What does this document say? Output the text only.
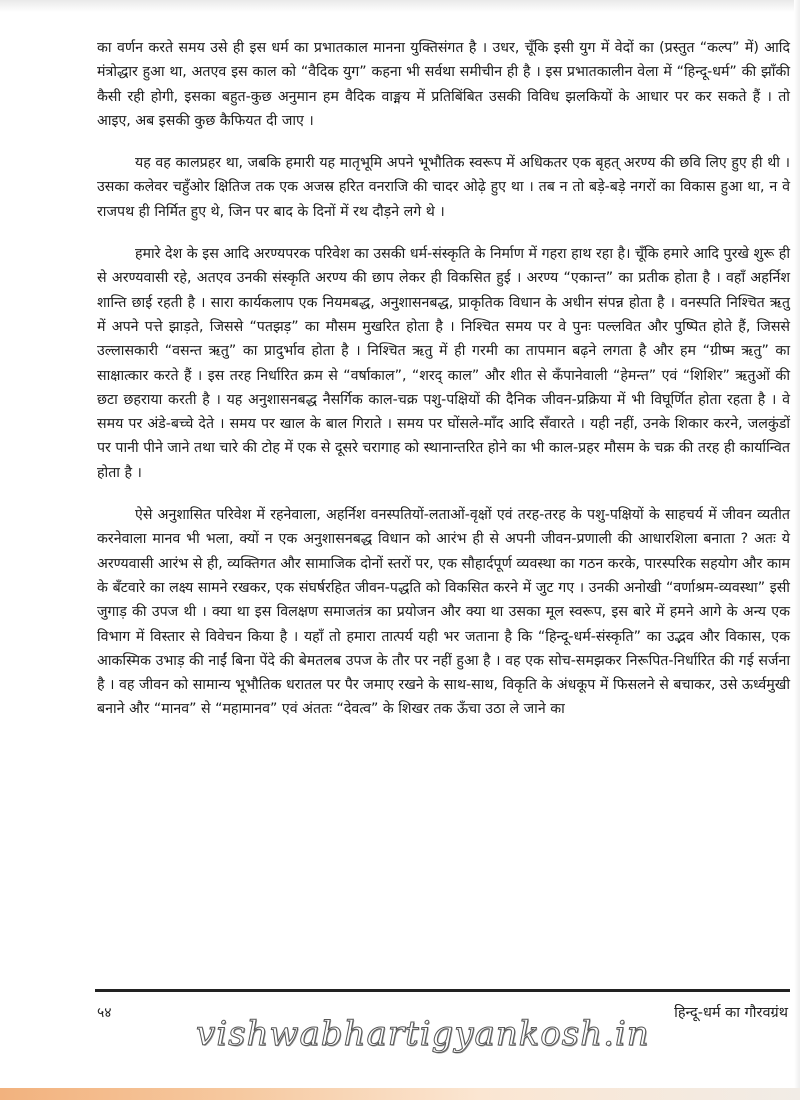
का वर्णन करते समय उसे ही इस धर्म का प्रभातकाल मानना युक्तिसंगत है । उधर, चूँकि इसी युग में वेदों का (प्रस्तुत “कल्प” में) आदि मंत्रोद्धार हुआ था, अतएव इस काल को “वैदिक युग” कहना भी सर्वथा समीचीन ही है । इस प्रभातकालीन वेला में “हिन्दू-धर्म” की झाँकी कैसी रही होगी, इसका बहुत-कुछ अनुमान हम वैदिक वाङ्मय में प्रतिबिंबित उसकी विविध झलकियों के आधार पर कर सकते हैं । तो आइए, अब इसकी कुछ कैफियत दी जाए ।

यह वह कालप्रहर था, जबकि हमारी यह मातृभूमि अपने भूभौतिक स्वरूप में अधिकतर एक बृहत् अरण्य की छवि लिए हुए ही थी । उसका कलेवर चहुँओर क्षितिज तक एक अजस्र हरित वनराजि की चादर ओढ़े हुए था । तब न तो बड़े-बड़े नगरों का विकास हुआ था, न वे राजपथ ही निर्मित हुए थे, जिन पर बाद के दिनों में रथ दौड़ने लगे थे ।

हमारे देश के इस आदि अरण्यपरक परिवेश का उसकी धर्म-संस्कृति के निर्माण में गहरा हाथ रहा है। चूँकि हमारे आदि पुरखे शुरू ही से अरण्यवासी रहे, अतएव उनकी संस्कृति अरण्य की छाप लेकर ही विकसित हुई । अरण्य “एकान्त” का प्रतीक होता है । वहाँ अहर्निश शान्ति छाई रहती है । सारा कार्यकलाप एक नियमबद्ध, अनुशासनबद्ध, प्राकृतिक विधान के अधीन संपन्न होता है । वनस्पति निश्चित ऋतु में अपने पत्ते झाड़ते, जिससे “पतझड़” का मौसम मुखरित होता है । निश्चित समय पर वे पुनः पल्लवित और पुष्पित होते हैं, जिससे उल्लासकारी “वसन्त ऋतु” का प्रादुर्भाव होता है । निश्चित ऋतु में ही गरमी का तापमान बढ़ने लगता है और हम “ग्रीष्म ऋतु” का साक्षात्कार करते हैं । इस तरह निर्धारित क्रम से “वर्षाकाल”, “शरद् काल” और शीत से कँपानेवाली “हेमन्त” एवं “शिशिर” ऋतुओं की छटा छहराया करती है । यह अनुशासनबद्ध नैसर्गिक काल-चक्र पशु-पक्षियों की दैनिक जीवन-प्रक्रिया में भी विघूर्णित होता रहता है । वे समय पर अंडे-बच्चे देते । समय पर खाल के बाल गिराते । समय पर घोंसले-माँद आदि सँवारते । यही नहीं, उनके शिकार करने, जलकुंडों पर पानी पीने जाने तथा चारे की टोह में एक से दूसरे चरागाह को स्थानान्तरित होने का भी काल-प्रहर मौसम के चक्र की तरह ही कार्यान्वित होता है ।

ऐसे अनुशासित परिवेश में रहनेवाला, अहर्निश वनस्पतियों-लताओं-वृक्षों एवं तरह-तरह के पशु-पक्षियों के साहचर्य में जीवन व्यतीत करनेवाला मानव भी भला, क्यों न एक अनुशासनबद्ध विधान को आरंभ ही से अपनी जीवन-प्रणाली की आधारशिला बनाता ? अतः ये अरण्यवासी आरंभ से ही, व्यक्तिगत और सामाजिक दोनों स्तरों पर, एक सौहार्दपूर्ण व्यवस्था का गठन करके, पारस्परिक सहयोग और काम के बँटवारे का लक्ष्य सामने रखकर, एक संघर्षरहित जीवन-पद्धति को विकसित करने में जुट गए । उनकी अनोखी “वर्णाश्रम-व्यवस्था” इसी जुगाड़ की उपज थी । क्या था इस विलक्षण समाजतंत्र का प्रयोजन और क्या था उसका मूल स्वरूप, इस बारे में हमने आगे के अन्य एक विभाग में विस्तार से विवेचन किया है । यहाँ तो हमारा तात्पर्य यही भर जताना है कि “हिन्दू-धर्म-संस्कृति” का उद्भव और विकास, एक आकस्मिक उभाड़ की नाईं बिना पेंदे की बेमतलब उपज के तौर पर नहीं हुआ है । वह एक सोच-समझकर निरूपित-निर्धारित की गई सर्जना है । वह जीवन को सामान्य भूभौतिक धरातल पर पैर जमाए रखने के साथ-साथ, विकृति के अंधकूप में फिसलने से बचाकर, उसे ऊर्ध्वमुखी बनाने और “मानव” से “महामानव” एवं अंततः “देवत्व” के शिखर तक ऊँचा उठा ले जाने का

५४	हिन्दू-धर्म का गौरवग्रंथ
vishwabhartigyankosh.in
